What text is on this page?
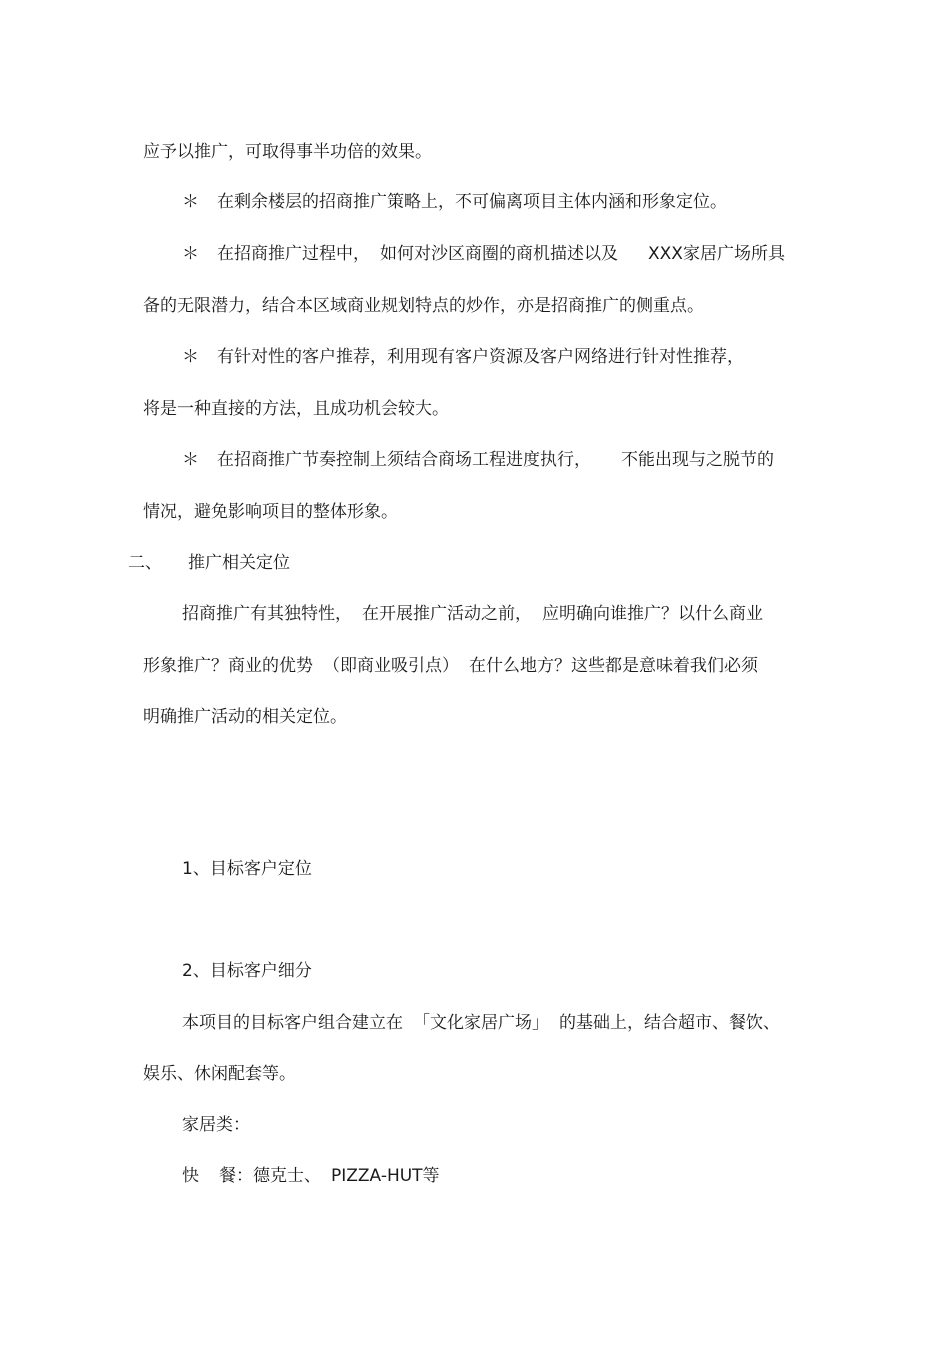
应予以推广，可取得事半功倍的效果。
＊ 在剩余楼层的招商推广策略上，不可偏离项目主体内涵和形象定位。
＊ 在招商推广过程中， 如何对沙区商圈的商机描述以及 XXX家居广场所具
备的无限潜力，结合本区域商业规划特点的炒作，亦是招商推广的侧重点。
＊ 有针对性的客户推荐，利用现有客户资源及客户网络进行针对性推荐，
将是一种直接的方法，且成功机会较大。
＊ 在招商推广节奏控制上须结合商场工程进度执行， 不能出现与之脱节的
情况，避免影响项目的整体形象。
二、 推广相关定位
招商推广有其独特性， 在开展推广活动之前， 应明确向谁推广？以什么商业
形象推广？商业的优势 （即商业吸引点） 在什么地方？这些都是意味着我们必须
明确推广活动的相关定位。
1、目标客户定位
2、目标客户细分
本项目的目标客户组合建立在 「文化家居广场」 的基础上，结合超市、餐饮、
娱乐、休闲配套等。
家居类：
快 餐：德克士、 PIZZA-HUT等
